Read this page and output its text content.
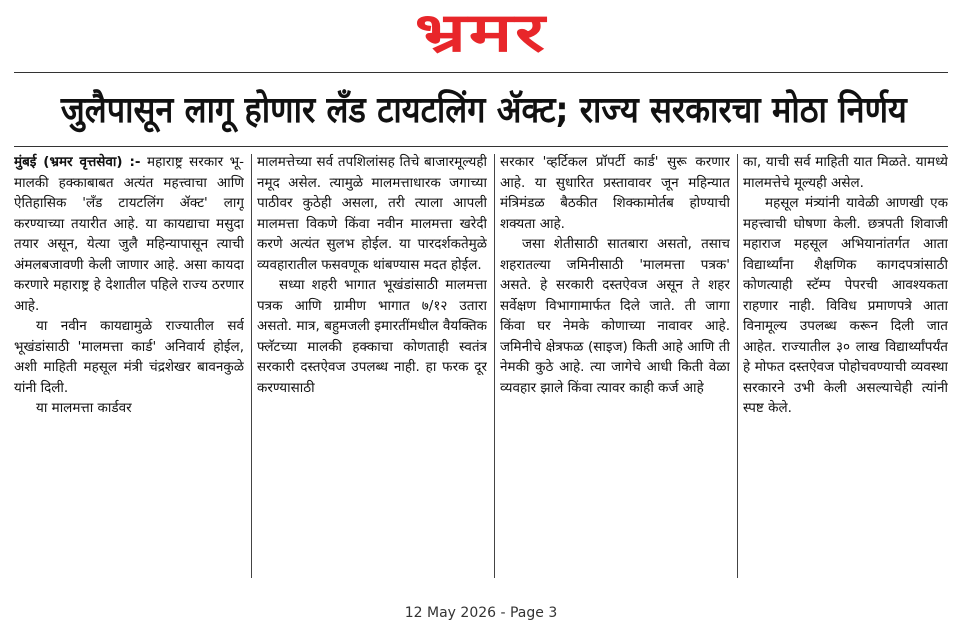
भ्रमर
जुलैपासून लागू होणार लॅंड टायटलिंग ॲक्ट; राज्य सरकारचा मोठा निर्णय

मुंबई (भ्रमर वृत्तसेवा) :- महाराष्ट्र सरकार भू-मालकी हक्काबाबत अत्यंत महत्त्वाचा आणि ऐतिहासिक 'लॅंड टायटलिंग ॲक्ट' लागू करण्याच्या तयारीत आहे. या कायद्याचा मसुदा तयार असून, येत्या जुलै महिन्यापासून त्याची अंमलबजावणी केली जाणार आहे. असा कायदा करणारे महाराष्ट्र हे देशातील पहिले राज्य ठरणार आहे.

या नवीन कायद्यामुळे राज्यातील सर्व भूखंडांसाठी 'मालमत्ता कार्ड' अनिवार्य होईल, अशी माहिती महसूल मंत्री चंद्रशेखर बावनकुळे यांनी दिली.

या मालमत्ता कार्डवर

मालमत्तेच्या सर्व तपशिलांसह तिचे बाजारमूल्यही नमूद असेल. त्यामुळे मालमत्ताधारक जगाच्या पाठीवर कुठेही असला, तरी त्याला आपली मालमत्ता विकणे किंवा नवीन मालमत्ता खरेदी करणे अत्यंत सुलभ होईल. या पारदर्शकतेमुळे व्यवहारातील फसवणूक थांबण्यास मदत होईल.

सध्या शहरी भागात भूखंडांसाठी मालमत्ता पत्रक आणि ग्रामीण भागात ७/१२ उतारा असतो. मात्र, बहुमजली इमारतींमधील वैयक्तिक फ्लॅटच्या मालकी हक्काचा कोणताही स्वतंत्र सरकारी दस्तऐवज उपलब्ध नाही. हा फरक दूर करण्यासाठी

सरकार 'व्हर्टिकल प्रॉपर्टी कार्ड' सुरू करणार आहे. या सुधारित प्रस्तावावर जून महिन्यात मंत्रिमंडळ बैठकीत शिक्कामोर्तब होण्याची शक्यता आहे.

जसा शेतीसाठी सातबारा असतो, तसाच शहरातल्या जमिनीसाठी 'मालमत्ता पत्रक' असते. हे सरकारी दस्तऐवज असून ते शहर सर्वेक्षण विभागामार्फत दिले जाते. ती जागा किंवा घर नेमके कोणाच्या नावावर आहे. जमिनीचे क्षेत्रफळ (साइज) किती आहे आणि ती नेमकी कुठे आहे. त्या जागेचे आधी किती वेळा व्यवहार झाले किंवा त्यावर काही कर्ज आहे

का, याची सर्व माहिती यात मिळते. यामध्ये मालमत्तेचे मूल्यही असेल.

महसूल मंत्र्यांनी यावेळी आणखी एक महत्त्वाची घोषणा केली. छत्रपती शिवाजी महाराज महसूल अभियानांतर्गत आता विद्यार्थ्यांना शैक्षणिक कागदपत्रांसाठी कोणत्याही स्टॅम्प पेपरची आवश्यकता राहणार नाही. विविध प्रमाणपत्रे आता विनामूल्य उपलब्ध करून दिली जात आहेत. राज्यातील ३० लाख विद्यार्थ्यांपर्यंत हे मोफत दस्तऐवज पोहोचवण्याची व्यवस्था सरकारने उभी केली असल्याचेही त्यांनी स्पष्ट केले.

12 May 2026 - Page 3
